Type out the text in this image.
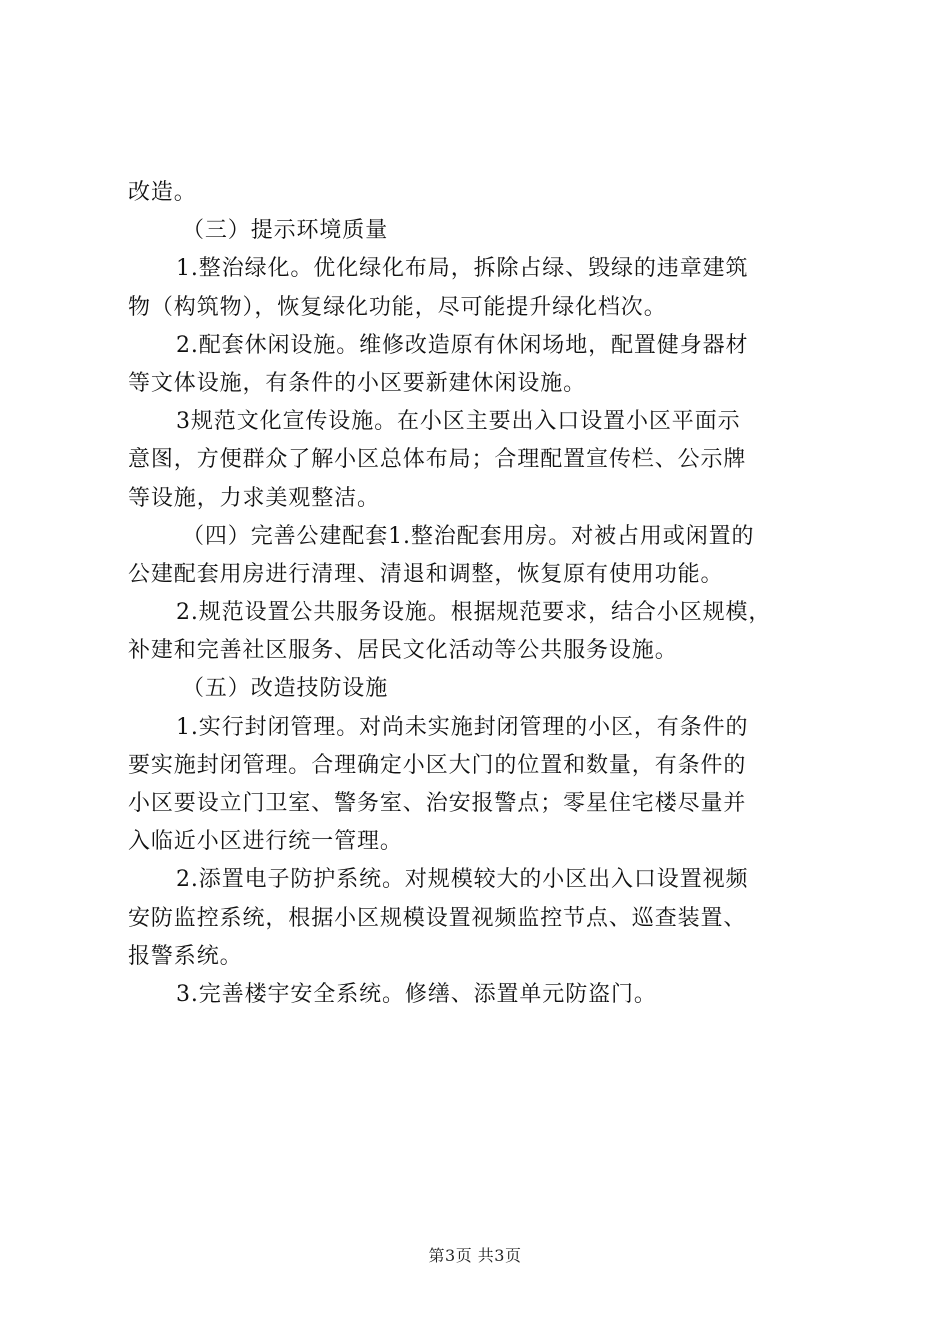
改造。
（三）提示环境质量
1.整治绿化。优化绿化布局，拆除占绿、毁绿的违章建筑
物（构筑物），恢复绿化功能，尽可能提升绿化档次。
2.配套休闲设施。维修改造原有休闲场地，配置健身器材
等文体设施，有条件的小区要新建休闲设施。
3规范文化宣传设施。在小区主要出入口设置小区平面示
意图，方便群众了解小区总体布局；合理配置宣传栏、公示牌
等设施，力求美观整洁。
（四）完善公建配套1.整治配套用房。对被占用或闲置的
公建配套用房进行清理、清退和调整，恢复原有使用功能。
2.规范设置公共服务设施。根据规范要求，结合小区规模，
补建和完善社区服务、居民文化活动等公共服务设施。
（五）改造技防设施
1.实行封闭管理。对尚未实施封闭管理的小区，有条件的
要实施封闭管理。合理确定小区大门的位置和数量，有条件的
小区要设立门卫室、警务室、治安报警点；零星住宅楼尽量并
入临近小区进行统一管理。
2.添置电子防护系统。对规模较大的小区出入口设置视频
安防监控系统，根据小区规模设置视频监控节点、巡查装置、
报警系统。
3.完善楼宇安全系统。修缮、添置单元防盗门。
第3页 共3页
